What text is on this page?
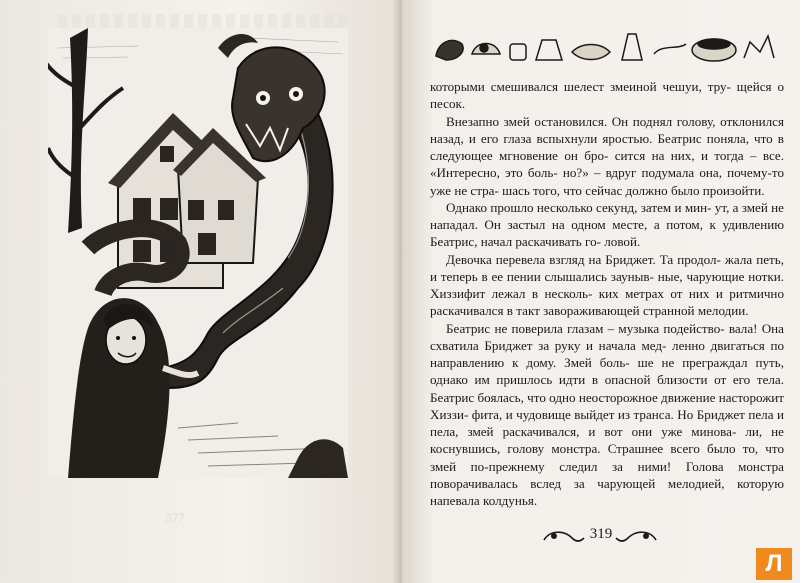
377

которыми смешивался шелест змеиной чешуи, тру- щейся о песок.

Внезапно змей остановился. Он поднял голову, отклонился назад, и его глаза вспыхнули яростью. Беатрис поняла, что в следующее мгновение он бро- сится на них, и тогда – все. «Интересно, это боль- но?» – вдруг подумала она, почему-то уже не стра- шась того, что сейчас должно было произойти.

Однако прошло несколько секунд, затем и мин- ут, а змей не нападал. Он застыл на одном месте, а потом, к удивлению Беатрис, начал раскачивать го- ловой.

Девочка перевела взгляд на Бриджет. Та продол- жала петь, и теперь в ее пении слышались зауныв- ные, чарующие нотки. Хиззифит лежал в несколь- ких метрах от них и ритмично раскачивался в такт завораживающей странной мелодии.

Беатрис не поверила глазам – музыка подейство- вала! Она схватила Бриджет за руку и начала мед- ленно двигаться по направлению к дому. Змей боль- ше не преграждал путь, однако им пришлось идти в опасной близости от его тела. Беатрис боялась, что одно неосторожное движение насторожит Хиззи- фита, и чудовище выйдет из транса. Но Бриджет пела и пела, змей раскачивался, и вот они уже минова- ли, не коснувшись, голову монстра. Страшнее всего было то, что змей по-прежнему следил за ними! Голова монстра поворачивалась вслед за чарующей мелодией, которую напевала колдунья.

319
Л
